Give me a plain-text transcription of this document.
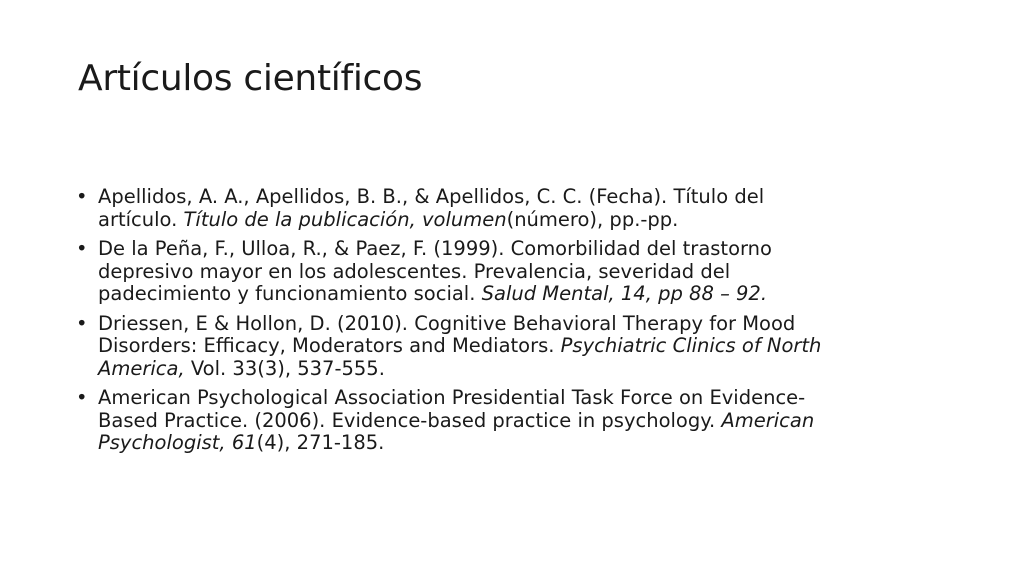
Artículos científicos
• Apellidos, A. A., Apellidos, B. B., & Apellidos, C. C. (Fecha). Título del
artículo. Título de la publicación, volumen(número), pp.-pp.
• De la Peña, F., Ulloa, R., & Paez, F. (1999). Comorbilidad del trastorno
depresivo mayor en los adolescentes. Prevalencia, severidad del
padecimiento y funcionamiento social. Salud Mental, 14, pp 88 – 92.
• Driessen, E & Hollon, D. (2010). Cognitive Behavioral Therapy for Mood
Disorders: Efficacy, Moderators and Mediators. Psychiatric Clinics of North
America, Vol. 33(3), 537-555.
• American Psychological Association Presidential Task Force on Evidence-
Based Practice. (2006). Evidence-based practice in psychology. American
Psychologist, 61(4), 271-185.
